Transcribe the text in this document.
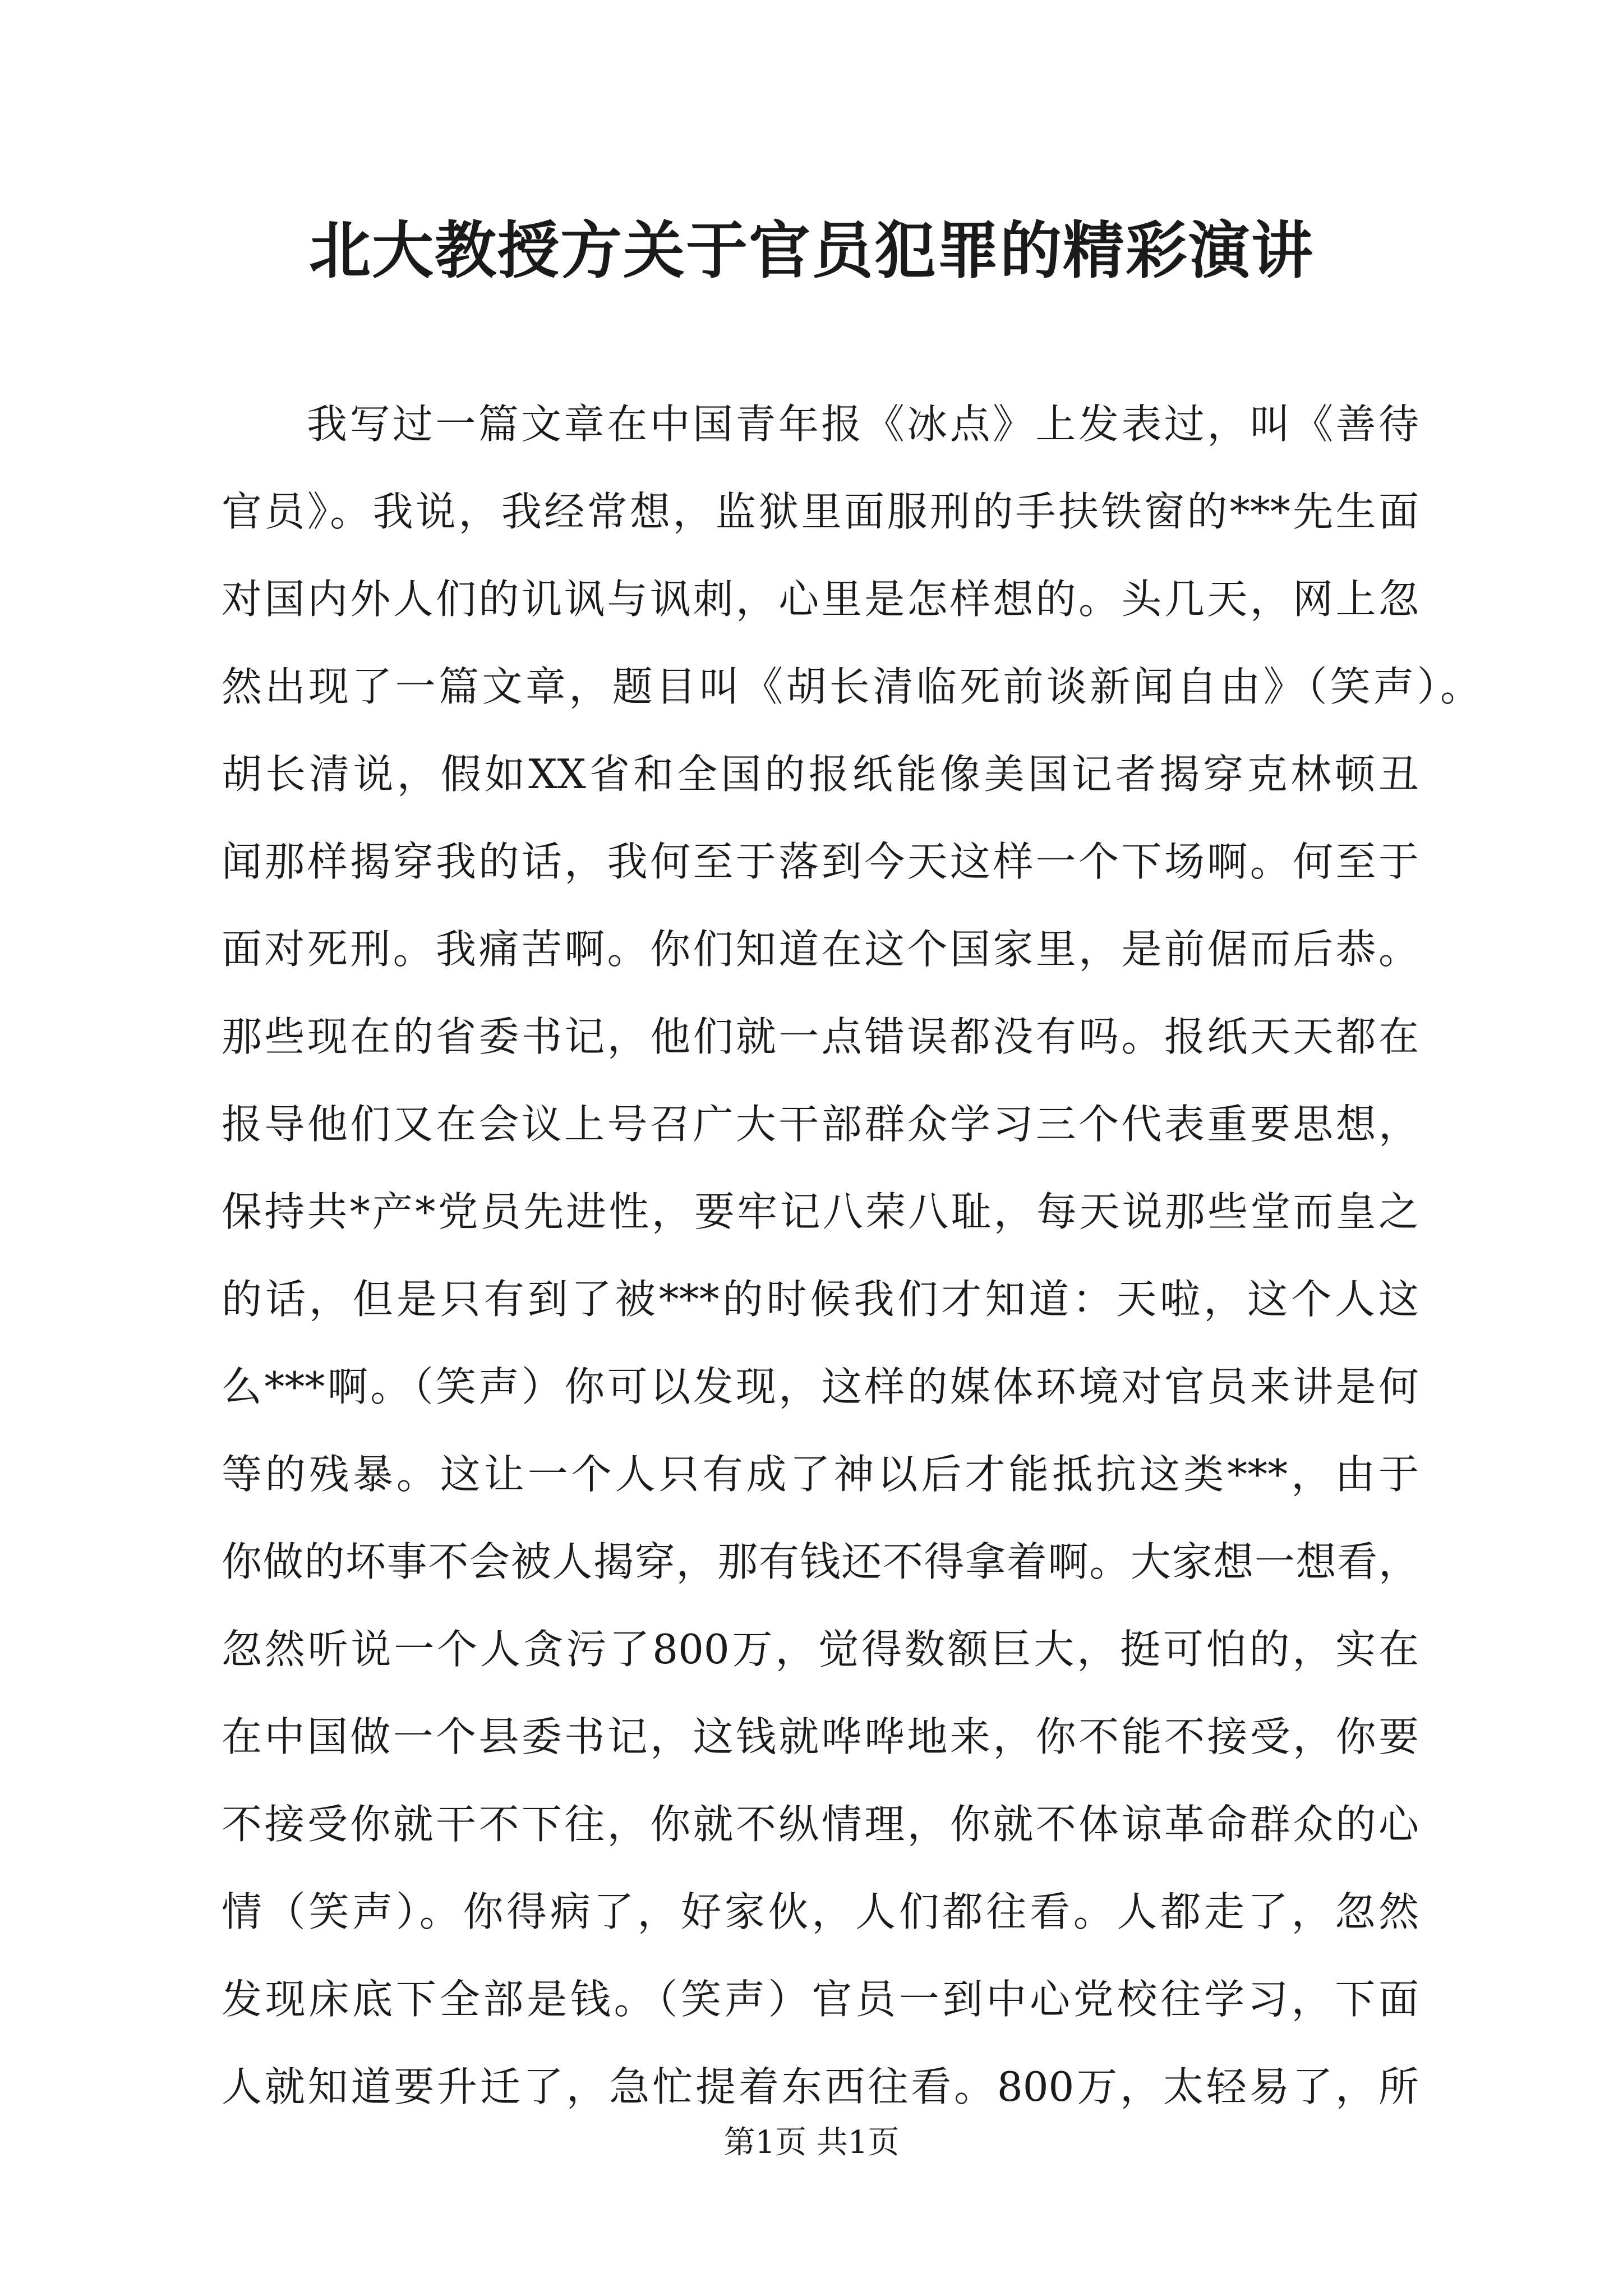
北大教授方关于官员犯罪的精彩演讲
我写过一篇文章在中国青年报《冰点》上发表过，叫《善待
官员》。我说，我经常想，监狱里面服刑的手扶铁窗的***先生面
对国内外人们的讥讽与讽刺，心里是怎样想的。头几天，网上忽
然出现了一篇文章，题目叫《胡长清临死前谈新闻自由》（笑声）。
胡长清说，假如XX省和全国的报纸能像美国记者揭穿克林顿丑
闻那样揭穿我的话，我何至于落到今天这样一个下场啊。何至于
面对死刑。我痛苦啊。你们知道在这个国家里，是前倨而后恭。
那些现在的省委书记，他们就一点错误都没有吗。报纸天天都在
报导他们又在会议上号召广大干部群众学习三个代表重要思想，
保持共*产*党员先进性，要牢记八荣八耻，每天说那些堂而皇之
的话，但是只有到了被***的时候我们才知道：天啦，这个人这
么***啊。（笑声）你可以发现，这样的媒体环境对官员来讲是何
等的残暴。这让一个人只有成了神以后才能抵抗这类***，由于
你做的坏事不会被人揭穿，那有钱还不得拿着啊。大家想一想看，
忽然听说一个人贪污了800万，觉得数额巨大，挺可怕的，实在
在中国做一个县委书记，这钱就哗哗地来，你不能不接受，你要
不接受你就干不下往，你就不纵情理，你就不体谅革命群众的心
情（笑声）。你得病了，好家伙，人们都往看。人都走了，忽然
发现床底下全部是钱。（笑声）官员一到中心党校往学习，下面
人就知道要升迁了，急忙提着东西往看。800万，太轻易了，所
第1页 共1页
